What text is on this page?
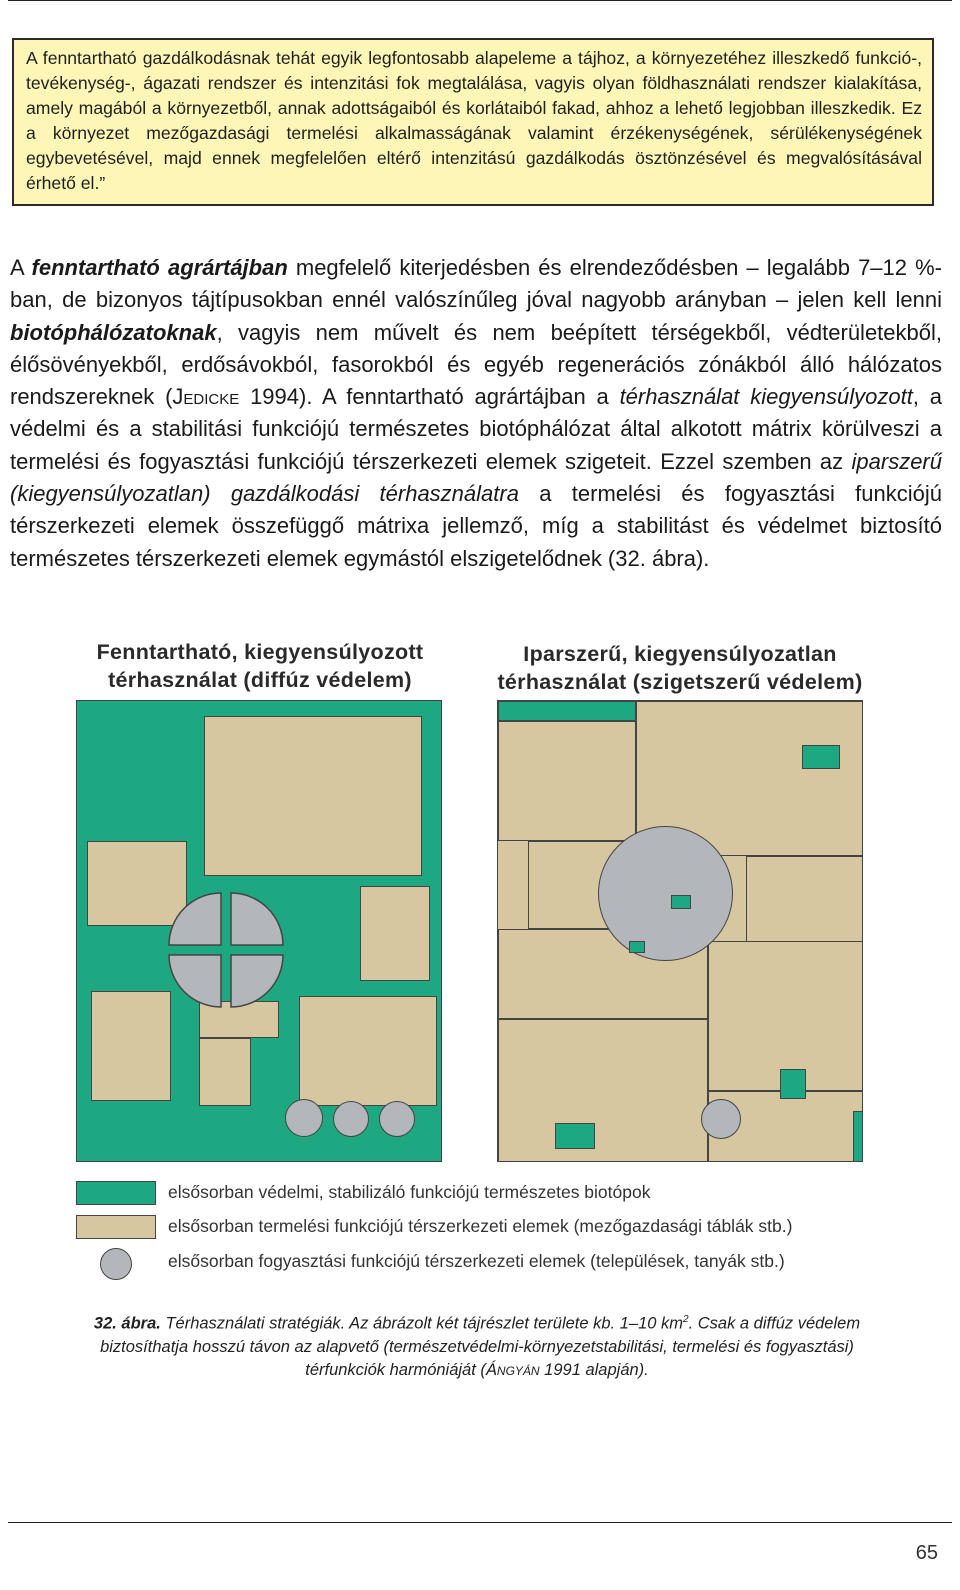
A fenntartható gazdálkodásnak tehát egyik legfontosabb alapeleme a tájhoz, a környezetéhez illeszkedő funkció-, tevékenység-, ágazati rendszer és intenzitási fok megtalálása, vagyis olyan földhasználati rendszer kialakítása, amely magából a környezetből, annak adottságaiból és korlátaiból fakad, ahhoz a lehető legjobban illeszkedik. Ez a környezet mezőgazdasági termelési alkalmasságának valamint érzékenységének, sérülékenységének egybevetésével, majd ennek megfelelően eltérő intenzitású gazdálkodás ösztönzésével és megvalósításával érhető el.”
A fenntartható agrártájban megfelelő kiterjedésben és elrendeződésben – legalább 7–12 %-ban, de bizonyos tájtípusokban ennél valószínűleg jóval nagyobb arányban – jelen kell lenni biotóphálózatoknak, vagyis nem művelt és nem beépített térségekből, védterületekből, élősövényekből, erdősávokból, fasorokból és egyéb regenerációs zónákból álló hálózatos rendszereknek (Jedicke 1994). A fenntartható agrártájban a térhasználat kiegyensúlyozott, a védelmi és a stabilitási funkciójú természetes biotóphálózat által alkotott mátrix körülveszi a termelési és fogyasztási funkciójú térszerkezeti elemek szigeteit. Ezzel szemben az iparszerű (kiegyensúlyozatlan) gazdálkodási térhasználatra a termelési és fogyasztási funkciójú térszerkezeti elemek összefüggő mátrixa jellemző, míg a stabilitást és védelmet biztosító természetes térszerkezeti elemek egymástól elszigetelődnek (32. ábra).
Fenntartható, kiegyensúlyozott
térhasználat (diffúz védelem)
Iparszerű, kiegyensúlyozatlan
térhasználat (szigetszerű védelem)
elsősorban védelmi, stabilizáló funkciójú természetes biotópok
elsősorban termelési funkciójú térszerkezeti elemek (mezőgazdasági táblák stb.)
elsősorban fogyasztási funkciójú térszerkezeti elemek (települések, tanyák stb.)
32. ábra. Térhasználati stratégiák. Az ábrázolt két tájrészlet területe kb. 1–10 $km^2$. Csak a diffúz védelem biztosíthatja hosszú távon az alapvető (természetvédelmi-környezetstabilitási, termelési és fogyasztási) térfunkciók harmóniáját (Ángyán 1991 alapján).
65
